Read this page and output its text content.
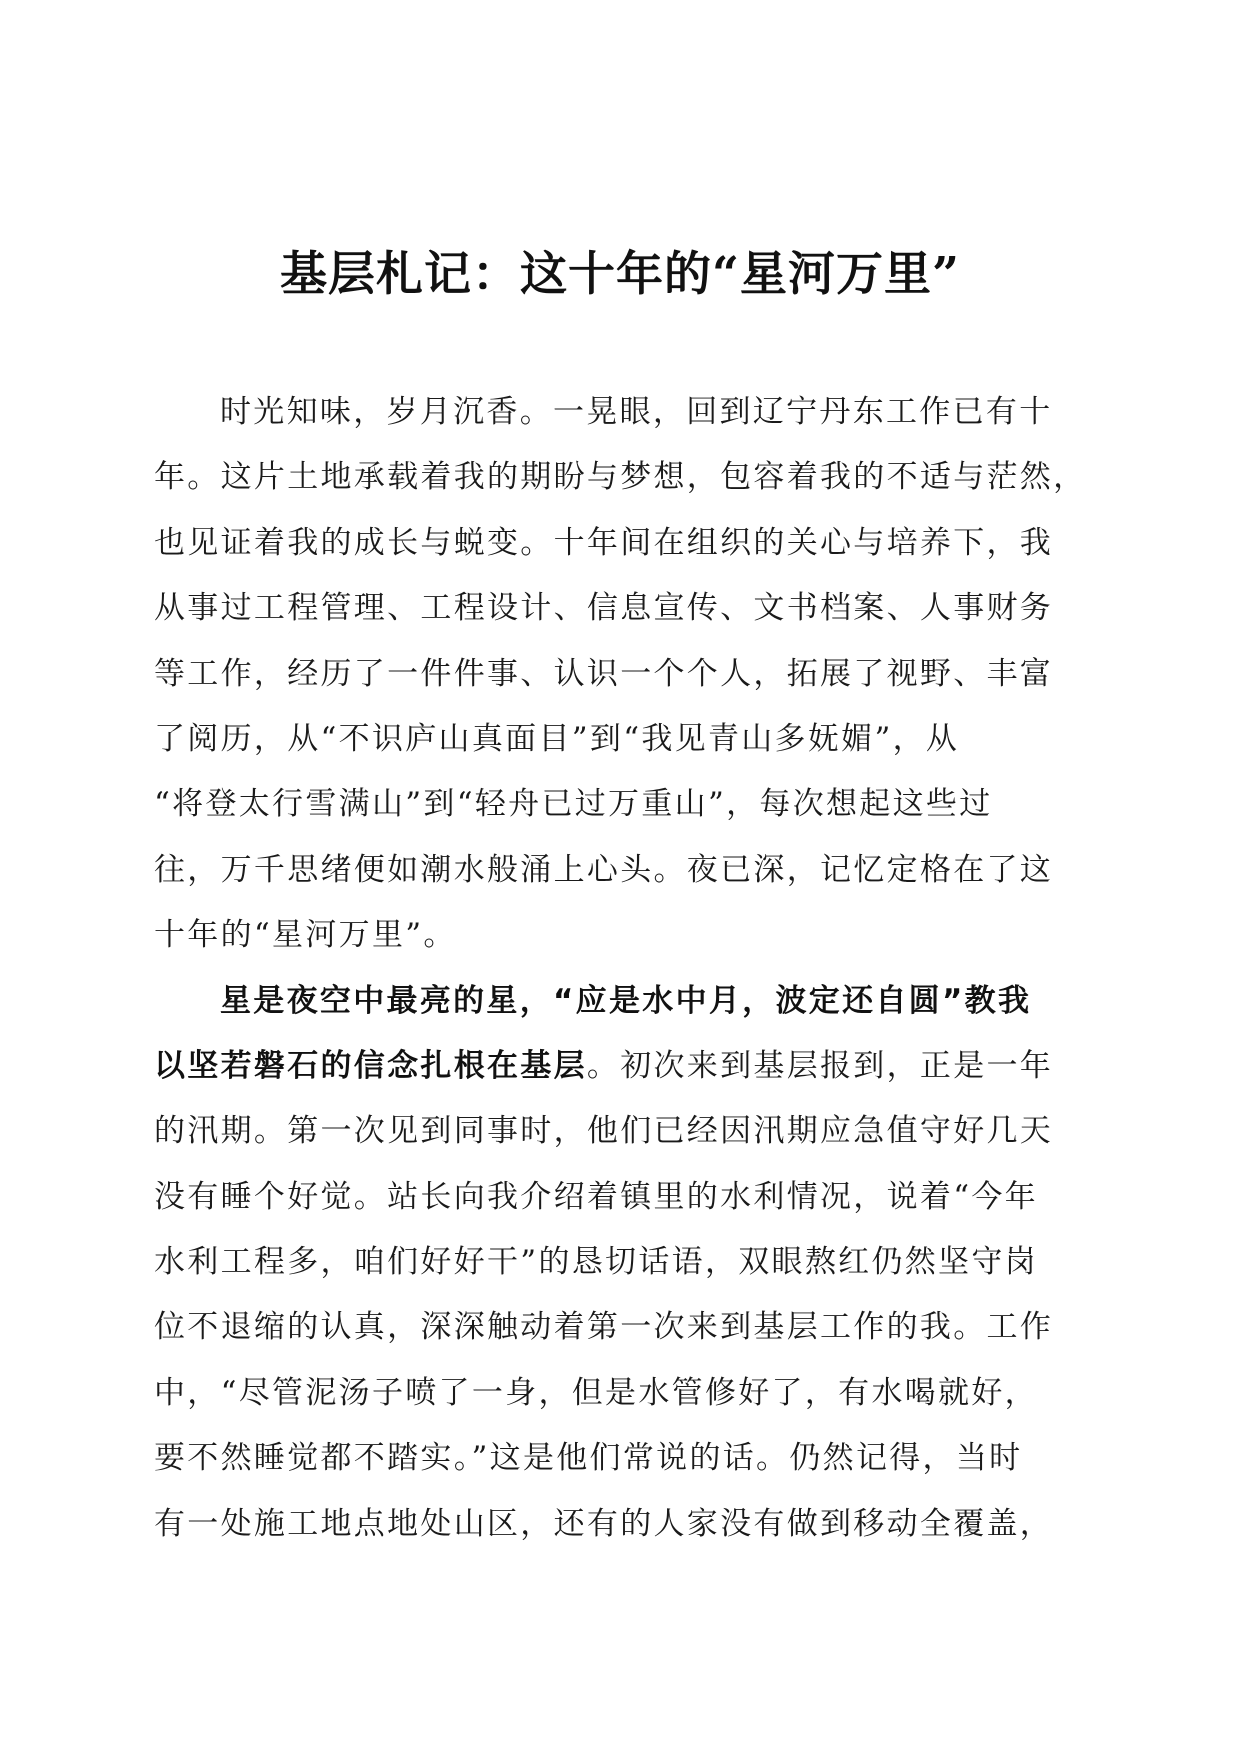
基层札记：这十年的“星河万里”
时光知味，岁月沉香。一晃眼，回到辽宁丹东工作已有十
年。这片土地承载着我的期盼与梦想，包容着我的不适与茫然，
也见证着我的成长与蜕变。十年间在组织的关心与培养下，我
从事过工程管理、工程设计、信息宣传、文书档案、人事财务
等工作，经历了一件件事、认识一个个人，拓展了视野、丰富
了阅历，从“不识庐山真面目”到“我见青山多妩媚”，从
“将登太行雪满山”到“轻舟已过万重山”，每次想起这些过
往，万千思绪便如潮水般涌上心头。夜已深，记忆定格在了这
十年的“星河万里”。
星是夜空中最亮的星，“应是水中月，波定还自圆”教我
以坚若磐石的信念扎根在基层。初次来到基层报到，正是一年
的汛期。第一次见到同事时，他们已经因汛期应急值守好几天
没有睡个好觉。站长向我介绍着镇里的水利情况，说着“今年
水利工程多，咱们好好干”的恳切话语，双眼熬红仍然坚守岗
位不退缩的认真，深深触动着第一次来到基层工作的我。工作
中，“尽管泥汤子喷了一身，但是水管修好了，有水喝就好，
要不然睡觉都不踏实。”这是他们常说的话。仍然记得，当时
有一处施工地点地处山区，还有的人家没有做到移动全覆盖，
